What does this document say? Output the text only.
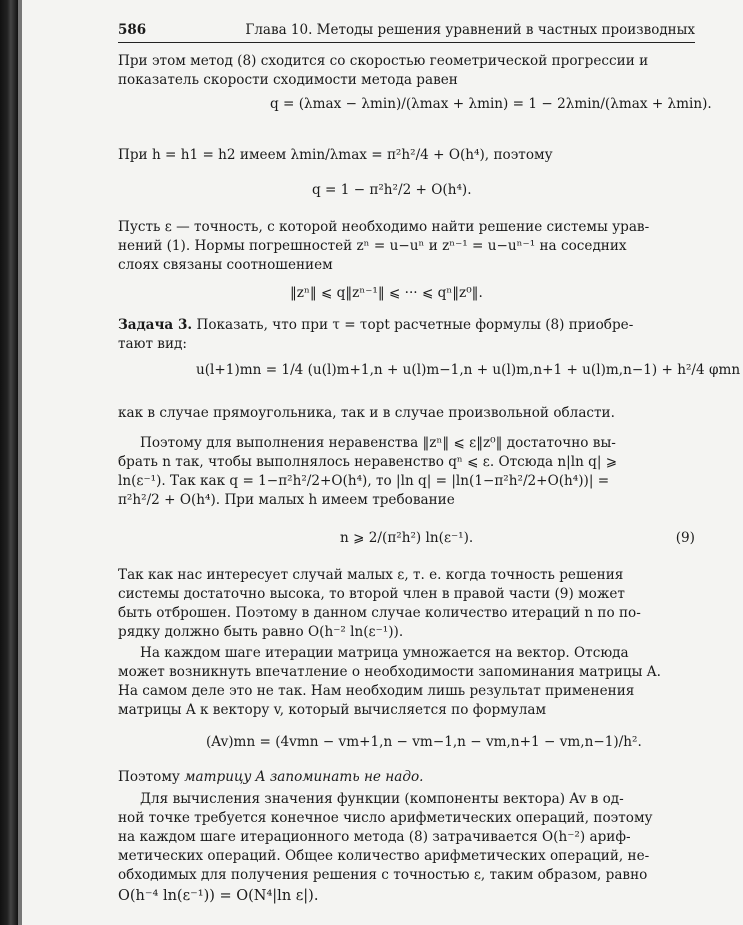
586	Глава 10. Методы решения уравнений в частных производных
При этом метод (8) сходится со скоростью геометрической прогрессии и
показатель скорости сходимости метода равен
q = (λmax − λmin)/(λmax + λmin) = 1 − 2λmin/(λmax + λmin).
При h = h1 = h2 имеем λmin/λmax = π²h²/4 + O(h⁴), поэтому
q = 1 − π²h²/2 + O(h⁴).
Пусть ε — точность, с которой необходимо найти решение системы урав-
нений (1). Нормы погрешностей zⁿ = u−uⁿ и zⁿ⁻¹ = u−uⁿ⁻¹ на соседних
слоях связаны соотношением
‖zⁿ‖ ⩽ q‖zⁿ⁻¹‖ ⩽ ··· ⩽ qⁿ‖z⁰‖.
Задача 3. Показать, что при τ = τopt расчетные формулы (8) приобре-
тают вид:
u(l+1)mn = 1/4 (u(l)m+1,n + u(l)m−1,n + u(l)m,n+1 + u(l)m,n−1) + h²/4 φmn
как в случае прямоугольника, так и в случае произвольной области.
Поэтому для выполнения неравенства ‖zⁿ‖ ⩽ ε‖z⁰‖ достаточно вы-
брать n так, чтобы выполнялось неравенство qⁿ ⩽ ε. Отсюда n|ln q| ⩾
ln(ε⁻¹). Так как q = 1−π²h²/2+O(h⁴), то |ln q| = |ln(1−π²h²/2+O(h⁴))| =
π²h²/2 + O(h⁴). При малых h имеем требование
n ⩾ 2/(π²h²) ln(ε⁻¹).	(9)
Так как нас интересует случай малых ε, т. е. когда точность решения
системы достаточно высока, то второй член в правой части (9) может
быть отброшен. Поэтому в данном случае количество итераций n по по-
рядку должно быть равно O(h⁻² ln(ε⁻¹)).
На каждом шаге итерации матрица умножается на вектор. Отсюда
может возникнуть впечатление о необходимости запоминания матрицы A.
На самом деле это не так. Нам необходим лишь результат применения
матрицы A к вектору v, который вычисляется по формулам
(Av)mn = (4vmn − vm+1,n − vm−1,n − vm,n+1 − vm,n−1)/h².
Поэтому матрицу A запоминать не надо.
Для вычисления значения функции (компоненты вектора) Av в од-
ной точке требуется конечное число арифметических операций, поэтому
на каждом шаге итерационного метода (8) затрачивается O(h⁻²) ариф-
метических операций. Общее количество арифметических операций, не-
обходимых для получения решения с точностью ε, таким образом, равно
O(h⁻⁴ ln(ε⁻¹)) = O(N⁴|ln ε|).
